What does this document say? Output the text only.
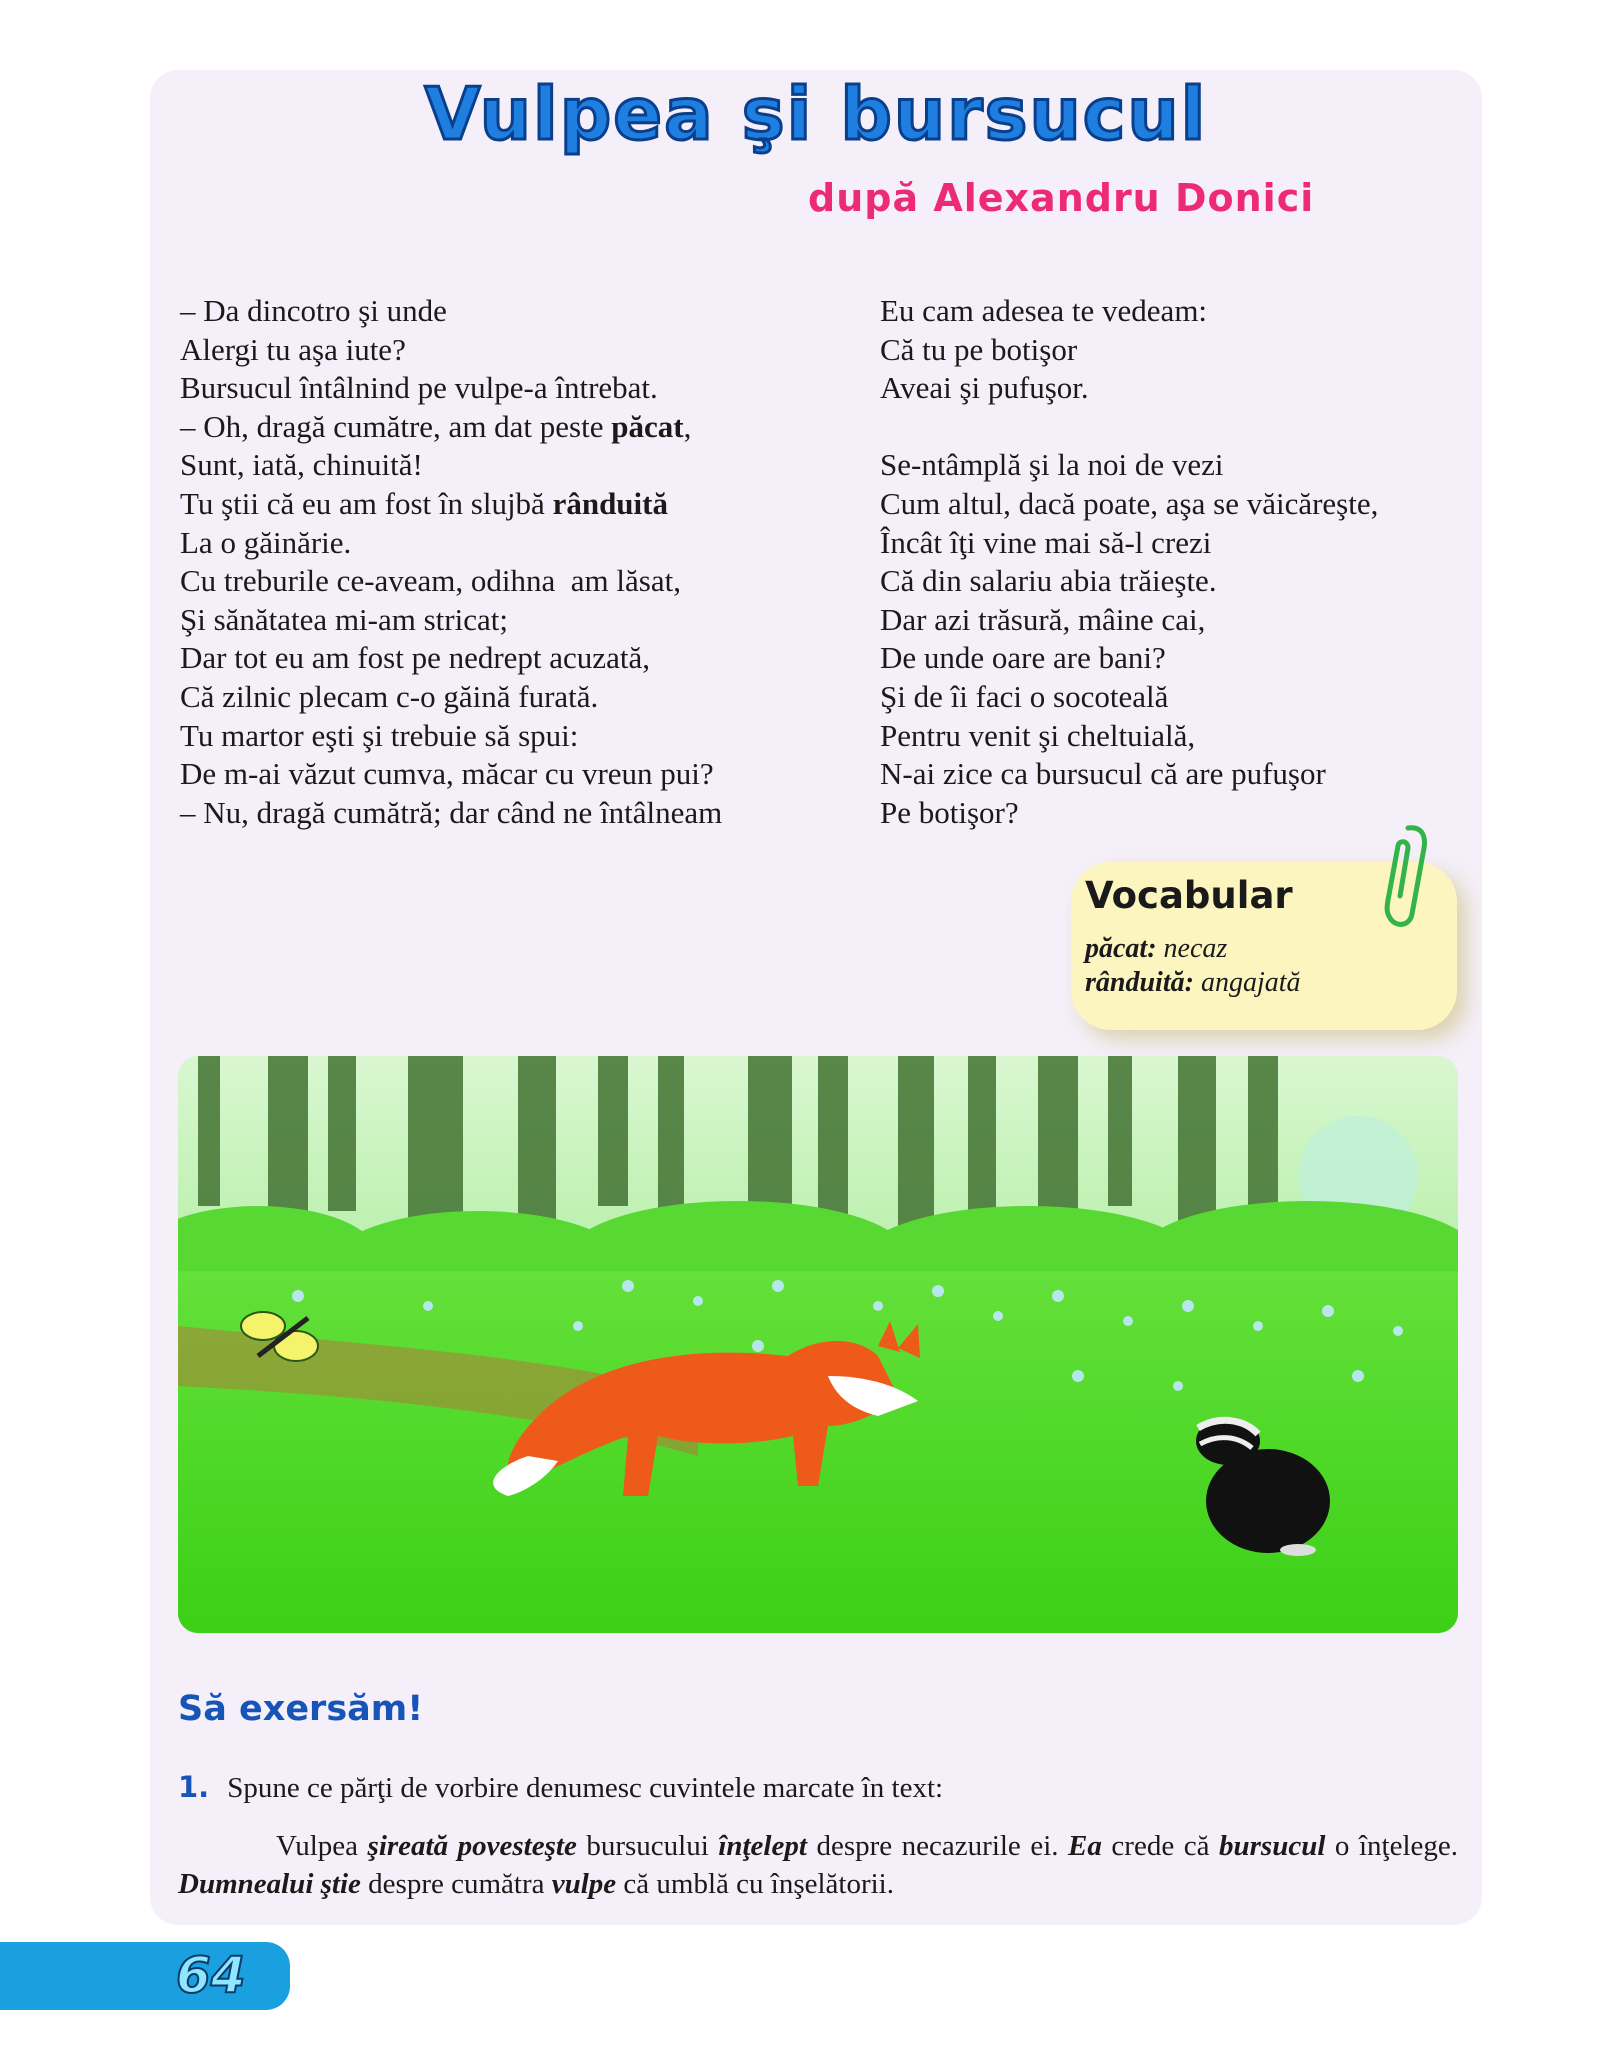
Vulpea şi bursucul
după Alexandru Donici
– Da dincotro şi unde
Alergi tu aşa iute?
Bursucul întâlnind pe vulpe-a întrebat.
– Oh, dragă cumătre, am dat peste păcat,
Sunt, iată, chinuită!
Tu ştii că eu am fost în slujbă rânduită
La o găinărie.
Cu treburile ce-aveam, odihna  am lăsat,
Şi sănătatea mi-am stricat;
Dar tot eu am fost pe nedrept acuzată,
Că zilnic plecam c-o găină furată.
Tu martor eşti şi trebuie să spui:
De m-ai văzut cumva, măcar cu vreun pui?
– Nu, dragă cumătră; dar când ne întâlneam
Eu cam adesea te vedeam:
Că tu pe botişor
Aveai şi pufuşor.
Se-ntâmplă şi la noi de vezi
Cum altul, dacă poate, aşa se văicăreşte,
Încât îţi vine mai să-l crezi
Că din salariu abia trăieşte.
Dar azi trăsură, mâine cai,
De unde oare are bani?
Şi de îi faci o socoteală
Pentru venit şi cheltuială,
N-ai zice ca bursucul că are pufuşor
Pe botişor?
Vocabular
păcat: necaz
rânduită: angajată
Să exersăm!
1. Spune ce părţi de vorbire denumesc cuvintele marcate în text:
Vulpea şireată povesteşte bursucului înţelept despre necazurile ei. Ea crede că bursucul o înţelege. Dumnealui ştie despre cumătra vulpe că umblă cu înşelătorii.
64
